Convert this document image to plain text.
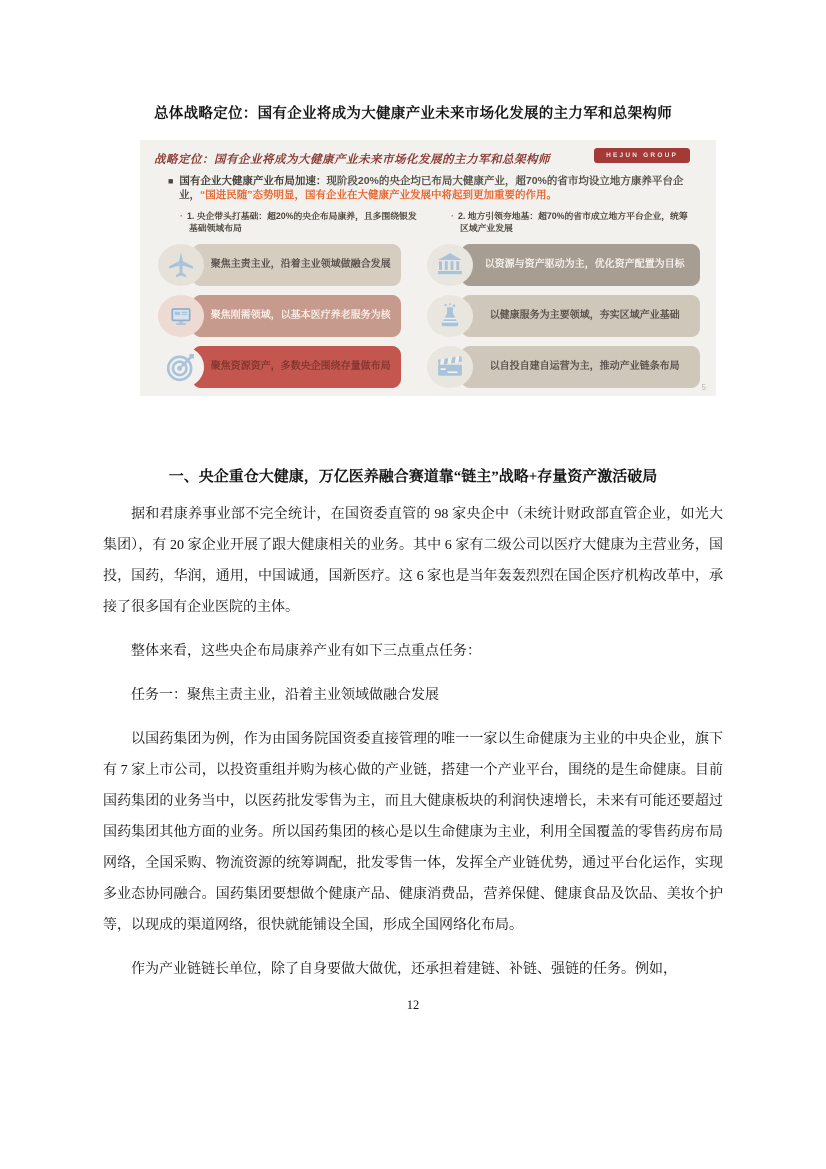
总体战略定位：国有企业将成为大健康产业未来市场化发展的主力军和总架构师
战略定位：国有企业将成为大健康产业未来市场化发展的主力军和总架构师	HEJUN GROUP
■ 国有企业大健康产业布局加速：现阶段20%的央企均已布局大健康产业，超70%的省市均设立地方康养平台企业，“国进民随”态势明显，国有企业在大健康产业发展中将起到更加重要的作用。
· 1. 央企带头打基础：超20%的央企布局康养，且多围绕银发基础领域布局
· 2. 地方引领夯地基：超70%的省市成立地方平台企业，统筹区域产业发展
聚焦主责主业，沿着主业领域做融合发展	以资源与资产驱动为主，优化资产配置为目标
聚焦刚需领域，以基本医疗养老服务为核	以健康服务为主要领域，夯实区域产业基础
聚焦资源资产，多数央企围绕存量做布局	以自投自建自运营为主，推动产业链条布局
5
一、央企重仓大健康，万亿医养融合赛道靠“链主”战略+存量资产激活破局

据和君康养事业部不完全统计，在国资委直管的 98 家央企中（未统计财政部直管企业，如光大集团），有 20 家企业开展了跟大健康相关的业务。其中 6 家有二级公司以医疗大健康为主营业务，国投，国药，华润，通用，中国诚通，国新医疗。这 6 家也是当年轰轰烈烈在国企医疗机构改革中，承接了很多国有企业医院的主体。

整体来看，这些央企布局康养产业有如下三点重点任务：

任务一：聚焦主责主业，沿着主业领域做融合发展

以国药集团为例，作为由国务院国资委直接管理的唯一一家以生命健康为主业的中央企业，旗下有 7 家上市公司，以投资重组并购为核心做的产业链，搭建一个产业平台，围绕的是生命健康。目前国药集团的业务当中，以医药批发零售为主，而且大健康板块的利润快速增长，未来有可能还要超过国药集团其他方面的业务。所以国药集团的核心是以生命健康为主业，利用全国覆盖的零售药房布局网络，全国采购、物流资源的统筹调配，批发零售一体，发挥全产业链优势，通过平台化运作，实现多业态协同融合。国药集团要想做个健康产品、健康消费品，营养保健、健康食品及饮品、美妆个护等，以现成的渠道网络，很快就能铺设全国，形成全国网络化布局。

作为产业链链长单位，除了自身要做大做优，还承担着建链、补链、强链的任务。例如，

12
